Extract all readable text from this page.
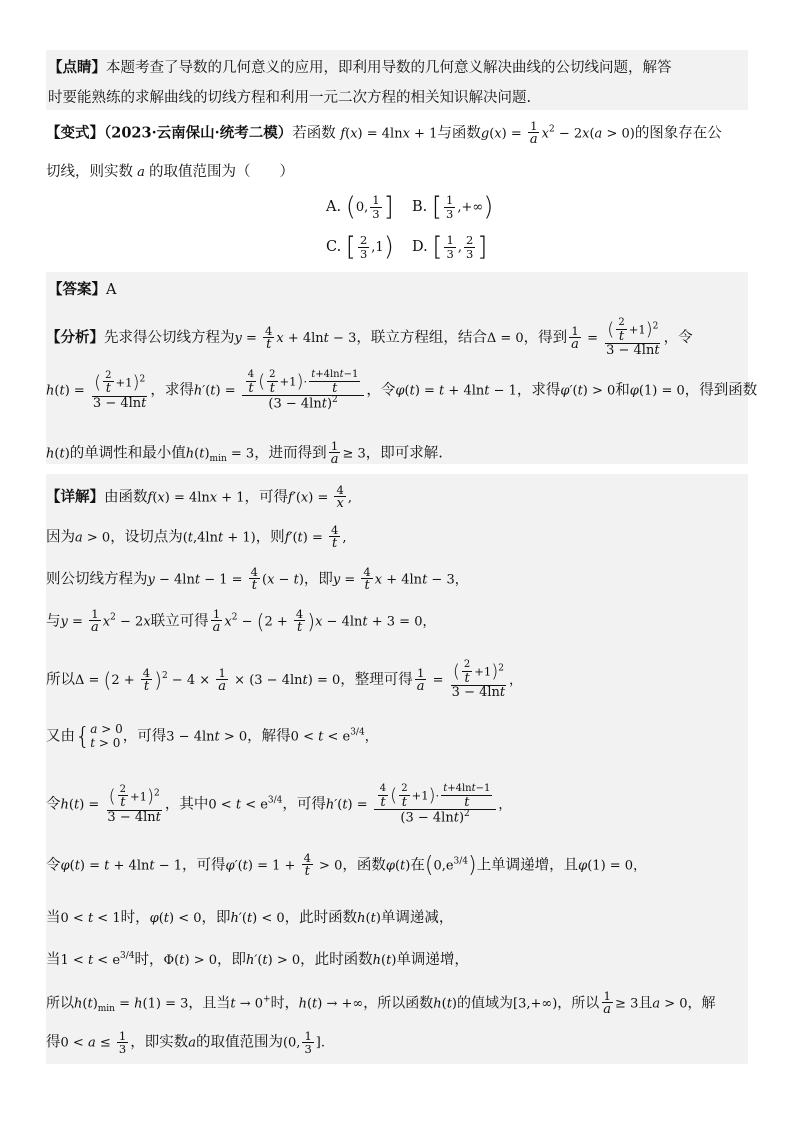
【点睛】本题考查了导数的几何意义的应用，即利用导数的几何意义解决曲线的公切线问题，解答
时要能熟练的求解曲线的切线方程和利用一元二次方程的相关知识解决问题.
【变式】（2023·云南保山·统考二模）若函数 f(x) = 4lnx + 1与函数$g(x) = \frac{1}{a} x^2 - 2x(a > 0)$的图象存在公
切线，则实数 a 的取值范围为（　　）
A. (0, $\frac{1}{3}$ ] B. [ $\frac{1}{3}$ ,+∞)
C. [ $\frac{2}{3} ,1$) D. [ $\frac{1}{3}$ , $\frac{2}{3}$ ]
【答案】A
【分析】先求得公切线方程为$y = \frac{4}{t}$ x + 4lnt − 3，联立方程组，结合Δ = 0，得到 $\frac{1}{a} = \frac{( \frac{2}{t} +1)^2}{3 - 4\ln t}$ ，令
$h(t) = \frac{( \frac{2}{t} +1)^2}{3 - 4\ln t}$ ，求得$h'(t) = \frac{\frac{4}{t} ( \frac{2}{t} +1)\cdot \frac{t+4\ln t-1}{t}}{(3 - 4\ln t)^2}$ ，令φ(t) = t + 4lnt − 1，求得φ′(t) > 0和φ(1) = 0，得到函数
h(t)的单调性和最小值$h(t)_{min} = 3$，进而得到 $\frac{1}{a} \ge 3$，即可求解.
【详解】由函数f(x) = 4lnx + 1，可得$f'(x) = \frac{4}{x}$ ,
因为a > 0，设切点为(t,4lnt + 1)，则$f'(t) = \frac{4}{t}$ ,
则公切线方程为$y - 4\ln t - 1 = \frac{4}{t} (x - t)$，即$y = \frac{4}{t}$ x + 4lnt − 3，
与$y = \frac{1}{a} x^2 - 2x$联立可得 $\frac{1}{a} x^2 - (2 + \frac{4}{t} )x - 4\ln t + 3 = 0$，
所以$\Delta = (2 + \frac{4}{t} )^2 - 4 \times \frac{1}{a} \times (3 - 4\ln t) = 0$，整理可得 $\frac{1}{a} = \frac{( \frac{2}{t} +1)^2}{3 - 4\ln t}$ ，
又由{ a > 0
t > 0 ，可得3 − 4lnt > 0，解得$0 < t < e^{3/4}$，
令$h(t) = \frac{( \frac{2}{t} +1)^2}{3 - 4\ln t}$ ，其中$0 < t < e^{3/4}$，可得$h'(t) = \frac{\frac{4}{t} ( \frac{2}{t} +1)\cdot \frac{t+4\ln t-1}{t}}{(3 - 4\ln t)^2}$ ，
令φ(t) = t + 4lnt − 1，可得$\varphi'(t) = 1 + \frac{4}{t} > 0$，函数φ(t)在$(0,e^{3/4})$上单调递增，且φ(1) = 0，
当0 < t < 1时，φ(t) < 0，即h′(t) < 0，此时函数h(t)单调递减，
当$1 < t < e^{3/4}$时，Φ(t) > 0，即h′(t) > 0，此时函数h(t)单调递增，
所以$h(t)_{min} = h(1) = 3$，且当t → 0+时，h(t) → +∞，所以函数h(t)的值域为[3,+∞)，所以 $\frac{1}{a} \ge 3$且a > 0，解
得$0 < a \le \frac{1}{3}$ ，即实数a的取值范围为(0, $\frac{1}{3}$ ].
